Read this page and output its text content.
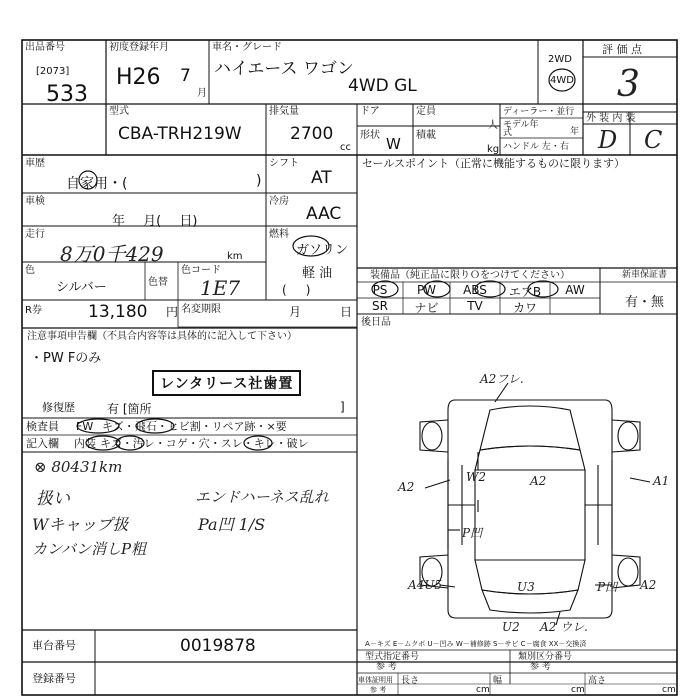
出品番号
[2073]
533
初度登録年月
H26 7
月
車名・グレード
ハイエース ワゴン
4WD GL
2WD
4WD
評 価 点
3
外 装 内 装
D C
型式
CBA-TRH219W
排気量
2700
cc
ドア
形状 W
定員
人
積載
kg
ディーラー・並行
モデル年式	年
ハンドル 左・右
車歴
自家用・(	)
シフト
AT
車検
年 月( 日)
冷房
AAC
走行
8万0千429	km
燃料
ガソリン
軽 油
(     )
色
シルバー	色替
色コード
1E7
R券	13,180 円 名変期限	月	日
セールスポイント（正常に機能するものに限ります）
装備品（純正品に限りＯをつけてください）
PS	PW	ABS	エアB	AW
SR	ナビ	TV	カワ
新車保証書
有・無
後日品
注意事項申告欄（不具合内容等は具体的に記入して下さい）
・PW Fのみ
レンタリース社歯置
修復歴	有 [箇所	]
検査員 FW キズ・飛石・ヒビ割・リペア跡・×要
記入欄 内装 キズ・汚レ・コゲ・穴・スレ・キレ・破レ
⊗ 80431km
扱い	エンドハーネス乱れ
Wキャップ扱	Pa凹 1/S
カンバン消しP粗
A2フレ.
A2
W2	A2	A1
P凹
A4U5	U3	P凹 A2
U2 A2 ウレ.
A－キズ E－ムクボ U－凹み W－補修跡 S－サビ C－腐食 XX－交換済
車台番号	0019878
登録番号
型式指定番号
参 考
類別区分番号
参 考
車体証明用
参 考
長さ
cm
幅
cm
高さ
cm
